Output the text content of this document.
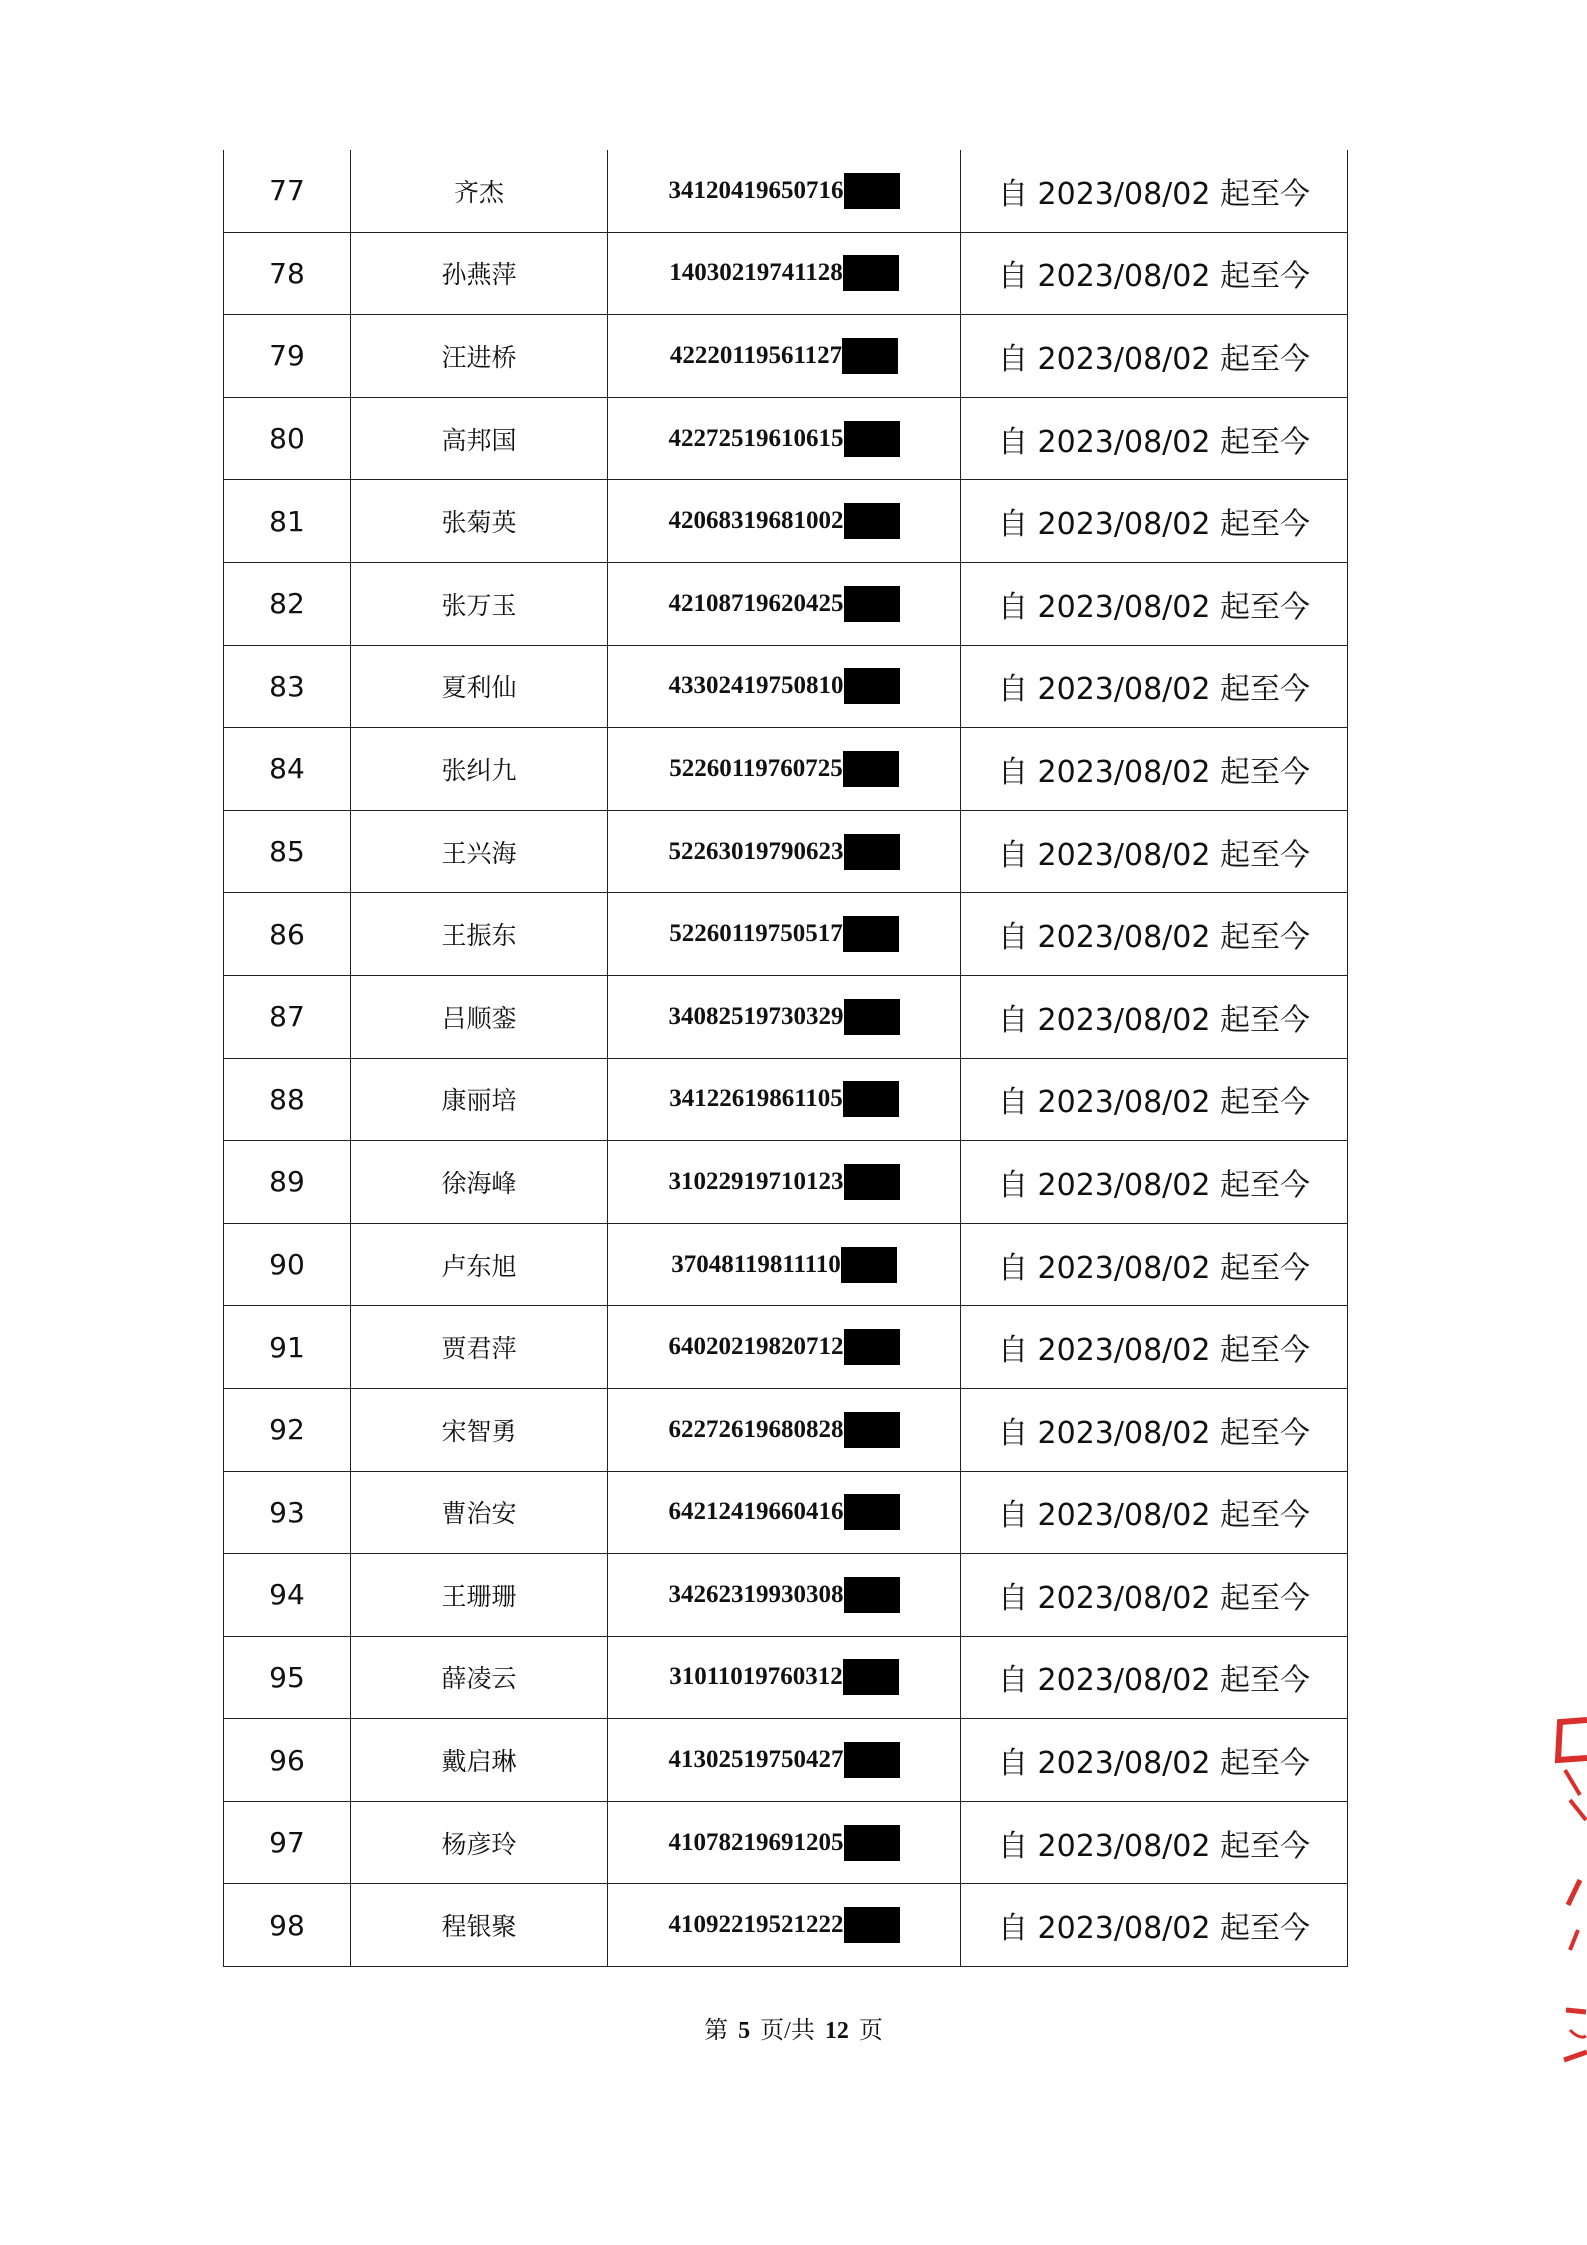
77	齐杰	34120419650716	自 2023/08/02 起至今
78	孙燕萍	14030219741128	自 2023/08/02 起至今
79	汪进桥	42220119561127	自 2023/08/02 起至今
80	高邦国	42272519610615	自 2023/08/02 起至今
81	张菊英	42068319681002	自 2023/08/02 起至今
82	张万玉	42108719620425	自 2023/08/02 起至今
83	夏利仙	43302419750810	自 2023/08/02 起至今
84	张纠九	52260119760725	自 2023/08/02 起至今
85	王兴海	52263019790623	自 2023/08/02 起至今
86	王振东	52260119750517	自 2023/08/02 起至今
87	吕顺銮	34082519730329	自 2023/08/02 起至今
88	康丽培	34122619861105	自 2023/08/02 起至今
89	徐海峰	31022919710123	自 2023/08/02 起至今
90	卢东旭	37048119811110	自 2023/08/02 起至今
91	贾君萍	64020219820712	自 2023/08/02 起至今
92	宋智勇	62272619680828	自 2023/08/02 起至今
93	曹治安	64212419660416	自 2023/08/02 起至今
94	王珊珊	34262319930308	自 2023/08/02 起至今
95	薛凌云	31011019760312	自 2023/08/02 起至今
96	戴启琳	41302519750427	自 2023/08/02 起至今
97	杨彦玲	41078219691205	自 2023/08/02 起至今
98	程银聚	41092219521222	自 2023/08/02 起至今
第 5 页/共 12 页
